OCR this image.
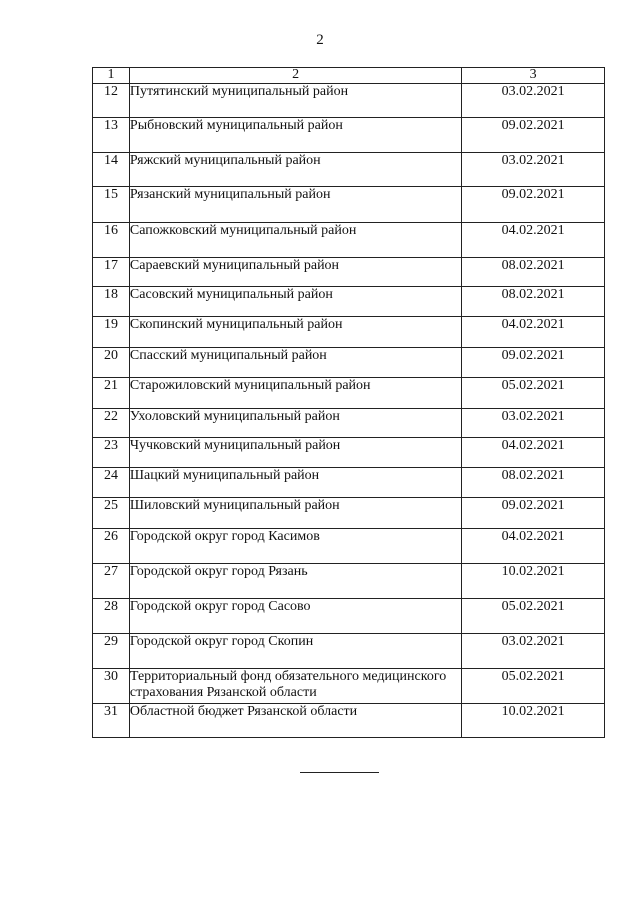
2
1	2	3
12	Путятинский муниципальный район	03.02.2021
13	Рыбновский муниципальный район	09.02.2021
14	Ряжский муниципальный район	03.02.2021
15	Рязанский муниципальный район	09.02.2021
16	Сапожковский муниципальный район	04.02.2021
17	Сараевский муниципальный район	08.02.2021
18	Сасовский муниципальный район	08.02.2021
19	Скопинский муниципальный район	04.02.2021
20	Спасский муниципальный район	09.02.2021
21	Старожиловский муниципальный район	05.02.2021
22	Ухоловский муниципальный район	03.02.2021
23	Чучковский муниципальный район	04.02.2021
24	Шацкий муниципальный район	08.02.2021
25	Шиловский муниципальный район	09.02.2021
26	Городской округ город Касимов	04.02.2021
27	Городской округ город Рязань	10.02.2021
28	Городской округ город Сасово	05.02.2021
29	Городской округ город Скопин	03.02.2021
30	Территориальный фонд обязательного медицинского страхования Рязанской области	05.02.2021
31	Областной бюджет Рязанской области	10.02.2021
